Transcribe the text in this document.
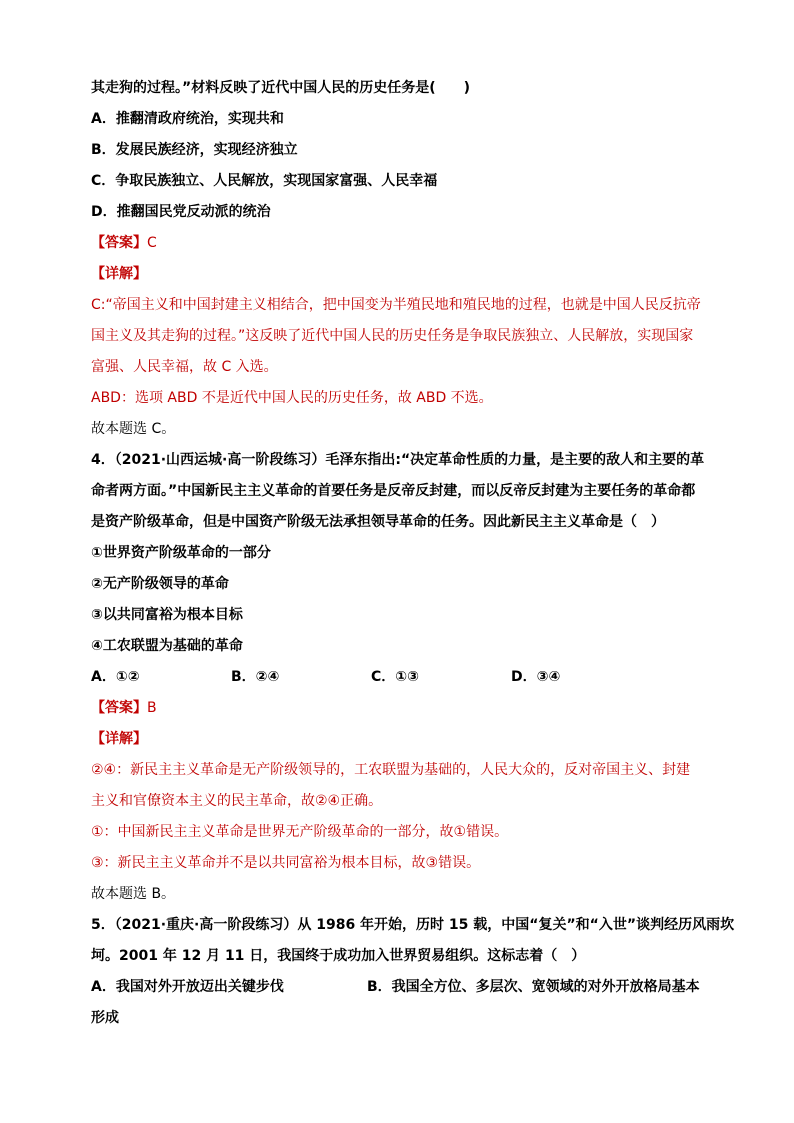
其走狗的过程。”材料反映了近代中国人民的历史任务是(　　)

A．推翻清政府统治，实现共和

B．发展民族经济，实现经济独立

C．争取民族独立、人民解放，实现国家富强、人民幸福

D．推翻国民党反动派的统治

【答案】C

【详解】

C:“帝国主义和中国封建主义相结合，把中国变为半殖民地和殖民地的过程，也就是中国人民反抗帝

国主义及其走狗的过程。”这反映了近代中国人民的历史任务是争取民族独立、人民解放，实现国家

富强、人民幸福，故 C 入选。

ABD：选项 ABD 不是近代中国人民的历史任务，故 ABD 不选。

故本题选 C。

4．（2021·山西运城·高一阶段练习）毛泽东指出:“决定革命性质的力量，是主要的敌人和主要的革

命者两方面。”中国新民主主义革命的首要任务是反帝反封建，而以反帝反封建为主要任务的革命都

是资产阶级革命，但是中国资产阶级无法承担领导革命的任务。因此新民主主义革命是（　）

①世界资产阶级革命的一部分

②无产阶级领导的革命

③以共同富裕为根本目标

④工农联盟为基础的革命

A．①②	B．②④	C．①③	D．③④

【答案】B

【详解】

②④：新民主主义革命是无产阶级领导的，工农联盟为基础的，人民大众的，反对帝国主义、封建

主义和官僚资本主义的民主革命，故②④正确。

①：中国新民主主义革命是世界无产阶级革命的一部分，故①错误。

③：新民主主义革命并不是以共同富裕为根本目标，故③错误。

故本题选 B。

5．（2021·重庆·高一阶段练习）从 1986 年开始，历时 15 载，中国“复关”和“入世”谈判经历风雨坎

坷。2001 年 12 月 11 日，我国终于成功加入世界贸易组织。这标志着（　）

A．我国对外开放迈出关键步伐	B．我国全方位、多层次、宽领域的对外开放格局基本

形成
